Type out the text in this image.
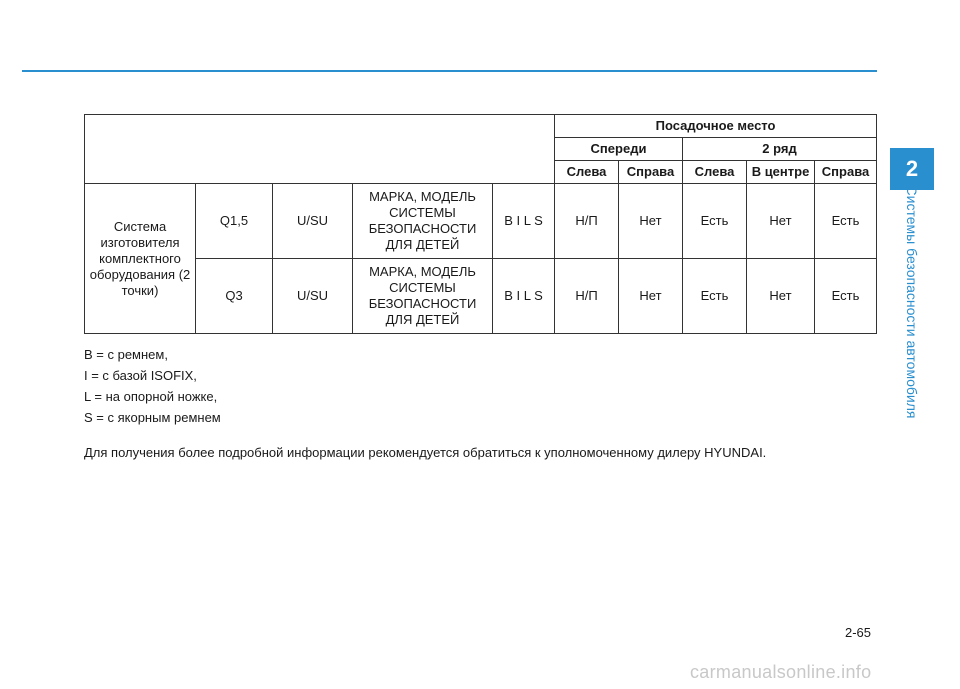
2
Системы безопасности автомобиля
					Посадочное место				
					Спереди		2 ряд		
					Слева	Справа	Слева	В центре	Справа
Система изготовителя комплектного оборудования (2 точки)	Q1,5	U/SU	МАРКА, МОДЕЛЬ СИСТЕМЫ БЕЗОПАСНОСТИ ДЛЯ ДЕТЕЙ	B I L S	Н/П	Нет	Есть	Нет	Есть
	Q3	U/SU	МАРКА, МОДЕЛЬ СИСТЕМЫ БЕЗОПАСНОСТИ ДЛЯ ДЕТЕЙ	B I L S	Н/П	Нет	Есть	Нет	Есть
B = с ремнем,
I = с базой ISOFIX,
L = на опорной ножке,
S = с якорным ремнем
Для получения более подробной информации рекомендуется обратиться к уполномоченному дилеру HYUNDAI.
2-65
carmanualsonline.info
